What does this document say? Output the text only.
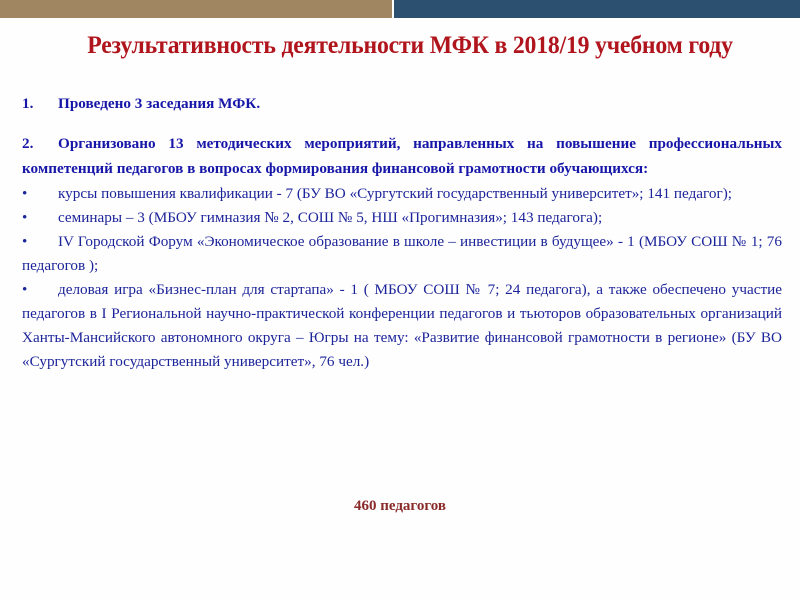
Результативность деятельности МФК в 2018/19 учебном году

1. Проведено 3 заседания МФК.

2. Организовано 13 методических мероприятий, направленных на повышение профессиональных компетенций педагогов в вопросах формирования финансовой грамотности обучающихся:

• курсы повышения квалификации - 7 (БУ ВО «Сургутский государственный университет»; 141 педагог);
• семинары – 3 (МБОУ гимназия № 2, СОШ № 5, НШ «Прогимназия»; 143 педагога);
• IV Городской Форум «Экономическое образование в школе – инвестиции в будущее» - 1 (МБОУ СОШ № 1; 76 педагогов );
• деловая игра «Бизнес-план для стартапа» - 1 ( МБОУ СОШ № 7; 24 педагога), а также обеспечено участие педагогов в I Региональной научно-практической конференции педагогов и тьюторов образовательных организаций Ханты-Мансийского автономного округа – Югры на тему: «Развитие финансовой грамотности в регионе» (БУ ВО «Сургутский государственный университет», 76 чел.)
460 педагогов
